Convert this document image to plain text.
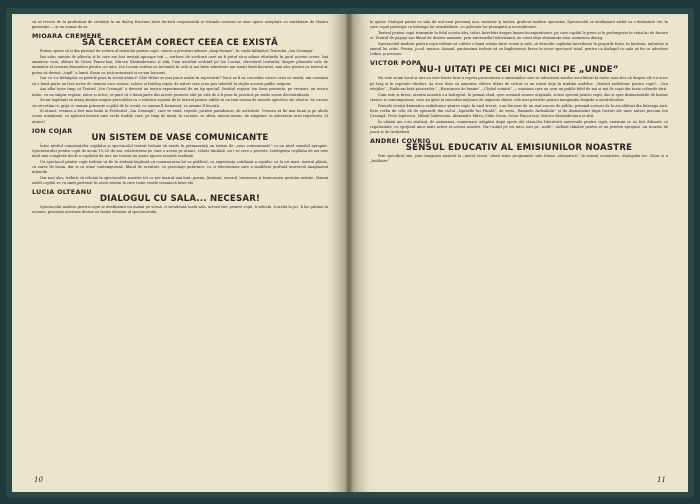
să se treacă de la profesiuni de credință la un dialog fructuos între factorii responsabili și virtualii creatori ai unor opere așteptate cu nerăbdare de tânăra generație — și nu numai de ea.

MIOARA CREMENE
SĂ CERCETĂM CORECT CEEA CE EXISTĂ

Putem spune că ți din punctul de vedere al teatrului pentru copii, cineva a prevăzut adesea „timp frumos”, în ciuda înființării Teatrului „Ion Creangă”.

Îmi aduc aminte de plăcuta zi în care am fost invitați aproape toți — vorbesc de scriitorii care au fi putut să-și adune eforturile în jurul acestei scene. Îmi amintesc cum, alături de Octav Pancu-Iași, Mircea Sântimbreanu și alții, l-am ascultat vorbind pe Ion Lucian, directorul teatrului, despre planurile sale de animator al creației dramatice pentru cei mici. Ion Lucian vorbea cu lacrimile în ochi și noi între adevărate am simțit fiorii bucuriei, mai ales pentru ca teatrul ar putea să devină „copil” a lumii. Eram cu toții entuziaști și ne-am bucurat.

Dar ce s-a întâmplat cu piesele puse în scenă atunci? Câte titluri se mai joacă astăzi în repertoriu? Dacă ar fi să cercetăm corect ceea ce există, am constata că o bună parte au fost scrise de oameni care cunosc, iubesc și înțeleg copiii, de autori care și-au pus talentul în slujba acestui public exigent.

Am aflat între timp că Teatrul „Ion Creangă” a devenit un teatru experimental de un tip special. Vestitul regizor Ion Savu prezenta, pe vremuri, un teatru intim, cu un singur regizor, autor și actor; se pare că o bună parte din aceste proiecte sînt pe cale de a fi puse în practică pe unele scene decentralizate.

Să-mi îngăduiți să atrag atenția asupra pericolului ca o estetică copiată de la teatrul pentru adulți să nu țină seama de nevoile specifice ale vârstei. Se cuvine să cercetăm cu grijă ce anume primește copilul de la scenă, ce anume îl formează, ce anume îl bucură.

Și atunci, vremea a fost mai bună la Festivalul „Ion Creangă”; care se vaită, repede, printre paradoxuri, de activitate. Vremea să fie mai bună și pe altele scene românești, cu ajutorul învierii unei vechi tradiții care, pe timp de iarnă, în vacanțe, se oferă, uneori mimic, de adaptare, la adevărata serii repertoriu. Și atunci?

ION COJAR
UN SISTEM DE VASE COMUNICANTE

Între nivelul cunoștințelor copilului și spectacolul teatral trebuie să existe în permanență un sistem de „vase comunicante” cu un nivel sensibil apropiat. Spectatorului pentru copii de acum 10–20 de ani, relativitatea pe care o aveau pe atunci, relativ limitată, nu i se cere o poveste. Inteligența copilului de azi este mult mai complexă decât a copilului de ieri, iar teatrul nu poate ignora această realitate.

Un spectacol pentru copii trebuie să fie în strânsă legătură cu comunicarea lui cu publicul, cu experiența cotidiană a copiilor, ca la cei mari: teatrul plăcut, cu surse de basm, dar și cu teme contemporane, filmul de aventuri, cu personaje puternice, ca și televiziunea care a modificat profund universul imaginației infantile.

Dar mai ales, trebuie să reluăm în spectacolele noastre tot ce are teatrul mai bun: poezia, fantezia, umorul, tensiunea și frumusețea gestului artistic. Numai astfel copilul se va simți partener în acest sistem în care toate vasele comunică între ele.

LUCIA OLTEANU
DIALOGUL CU SALA... NECESAR!

Spectacolul modern pentru copii se desfășoară nu numai pe scenă, ci invadează toată sala, actorii trec printre copii, îi solicită, îi invită la joc, îi fac părtași la acțiune; prezența acestora devine ea însăși element al spectacolului.

10

în ajutor. Dialogul purtat cu sala dă rod unui personaj nou, incitator și incitat, graficul modern spectator. Spectacolul se desfășoară astfel ca o dezbatere vie, în care copiii participă cu întreaga lor sensibilitate, cu judecata lor proaspătă și necruțătoare.

Teatrul pentru copii transmite în felul acesta idei, trăiri, întrebări despre lumea înconjurătoare, pe care copilul le preia și le prelungește în viața lui de fiecare zi. Teatrul de păpuși sau filmul de desene animate, prin intermediul televiziunii, au creat deja obișnuința unui asemenea dialog.

Spectacolul modern pentru copii trebuie să cultive o bună relație între scenă și sală, să dezvolte copilului încrederea în propriile forțe, în fantezia, inițiativa și simțul lui critic. Poezia, jocul, muzica, dansul, pantomima trebuie să se împletească firesc în acest spectacol total, pentru ca dialogul cu sala să fie cu adevărat rodnic și necesar.

VICTOR POPA
NU-I UITAȚI PE CEI MICI NICI PE „UNDE”

Nu este acum locul și nici nu este foarte bine a repeta prezentarea a emisiunilor care se adresează micilor ascultători la radio; mai ales că despre ele s-a scris pe larg și în repetate rânduri. Aș vrea doar să amintesc câteva titluri de cicluri ce au intrat deja în tradiția undelor: „Teatrul radiofonic pentru copii”, „Ora vitejilor”, „Radiorachetă pionierilor”, „Emisiunea de basme”, „Clubul voinicii” — emisiuni care au avut un public fidel de mii și mii de copii din toate colțurile țării.

Cum este și firesc, atenția noastră s-a îndreptat, în primul rând, spre scenarii sonore originale, scrise special pentru copii, dar și spre dramatizările de basme clasice și contemporane, care au găsit la microfon mijloace de expresie dintre cele mai potrivite pentru imaginația fragedă a ascultătorilor.

Primele creații dramatice radiofonice pentru copii, în anul trecut, s-au bucurat de un real succes de public, primind scrisori de la ascultători din întreaga țară. Este vorba de cele 24 de episoade din ciclul „Isprăvile lui Păcală”, de seria „Basmele Ardealului” și de dramatizări după lucrări ale unor autori precum Ion Creangă, Petre Ispirescu, Mihail Sadoveanu, Alexandru Mitru, Călin Gruia, Octav Pancu-Iași, Mircea Sântimbreanu și alții.

În ultimii ani s-au realizat, de asemenea, numeroase adaptări după opere ale clasicilor literaturii universale pentru copii, emisiuni ce au fost difuzate cu regularitate, cu sprijinul unor mari actori ai scenei noastre. Nu-i uitați pe cei mici, nici pe „unde”: radioul rămâne pentru ei un prieten apropiat, un tovarăș de joacă și de învățătură.

ANDREI COVRIG
SENSUL EDUCATIV AL EMISIUNILOR NOASTRE

Prin specificul său, prin imaginea noastră la „micul ecran” oferă toate programele sale forma „dramatică”, în sensul scenaristic, dialogului lor. Chiar și o „întâlnire”

11
